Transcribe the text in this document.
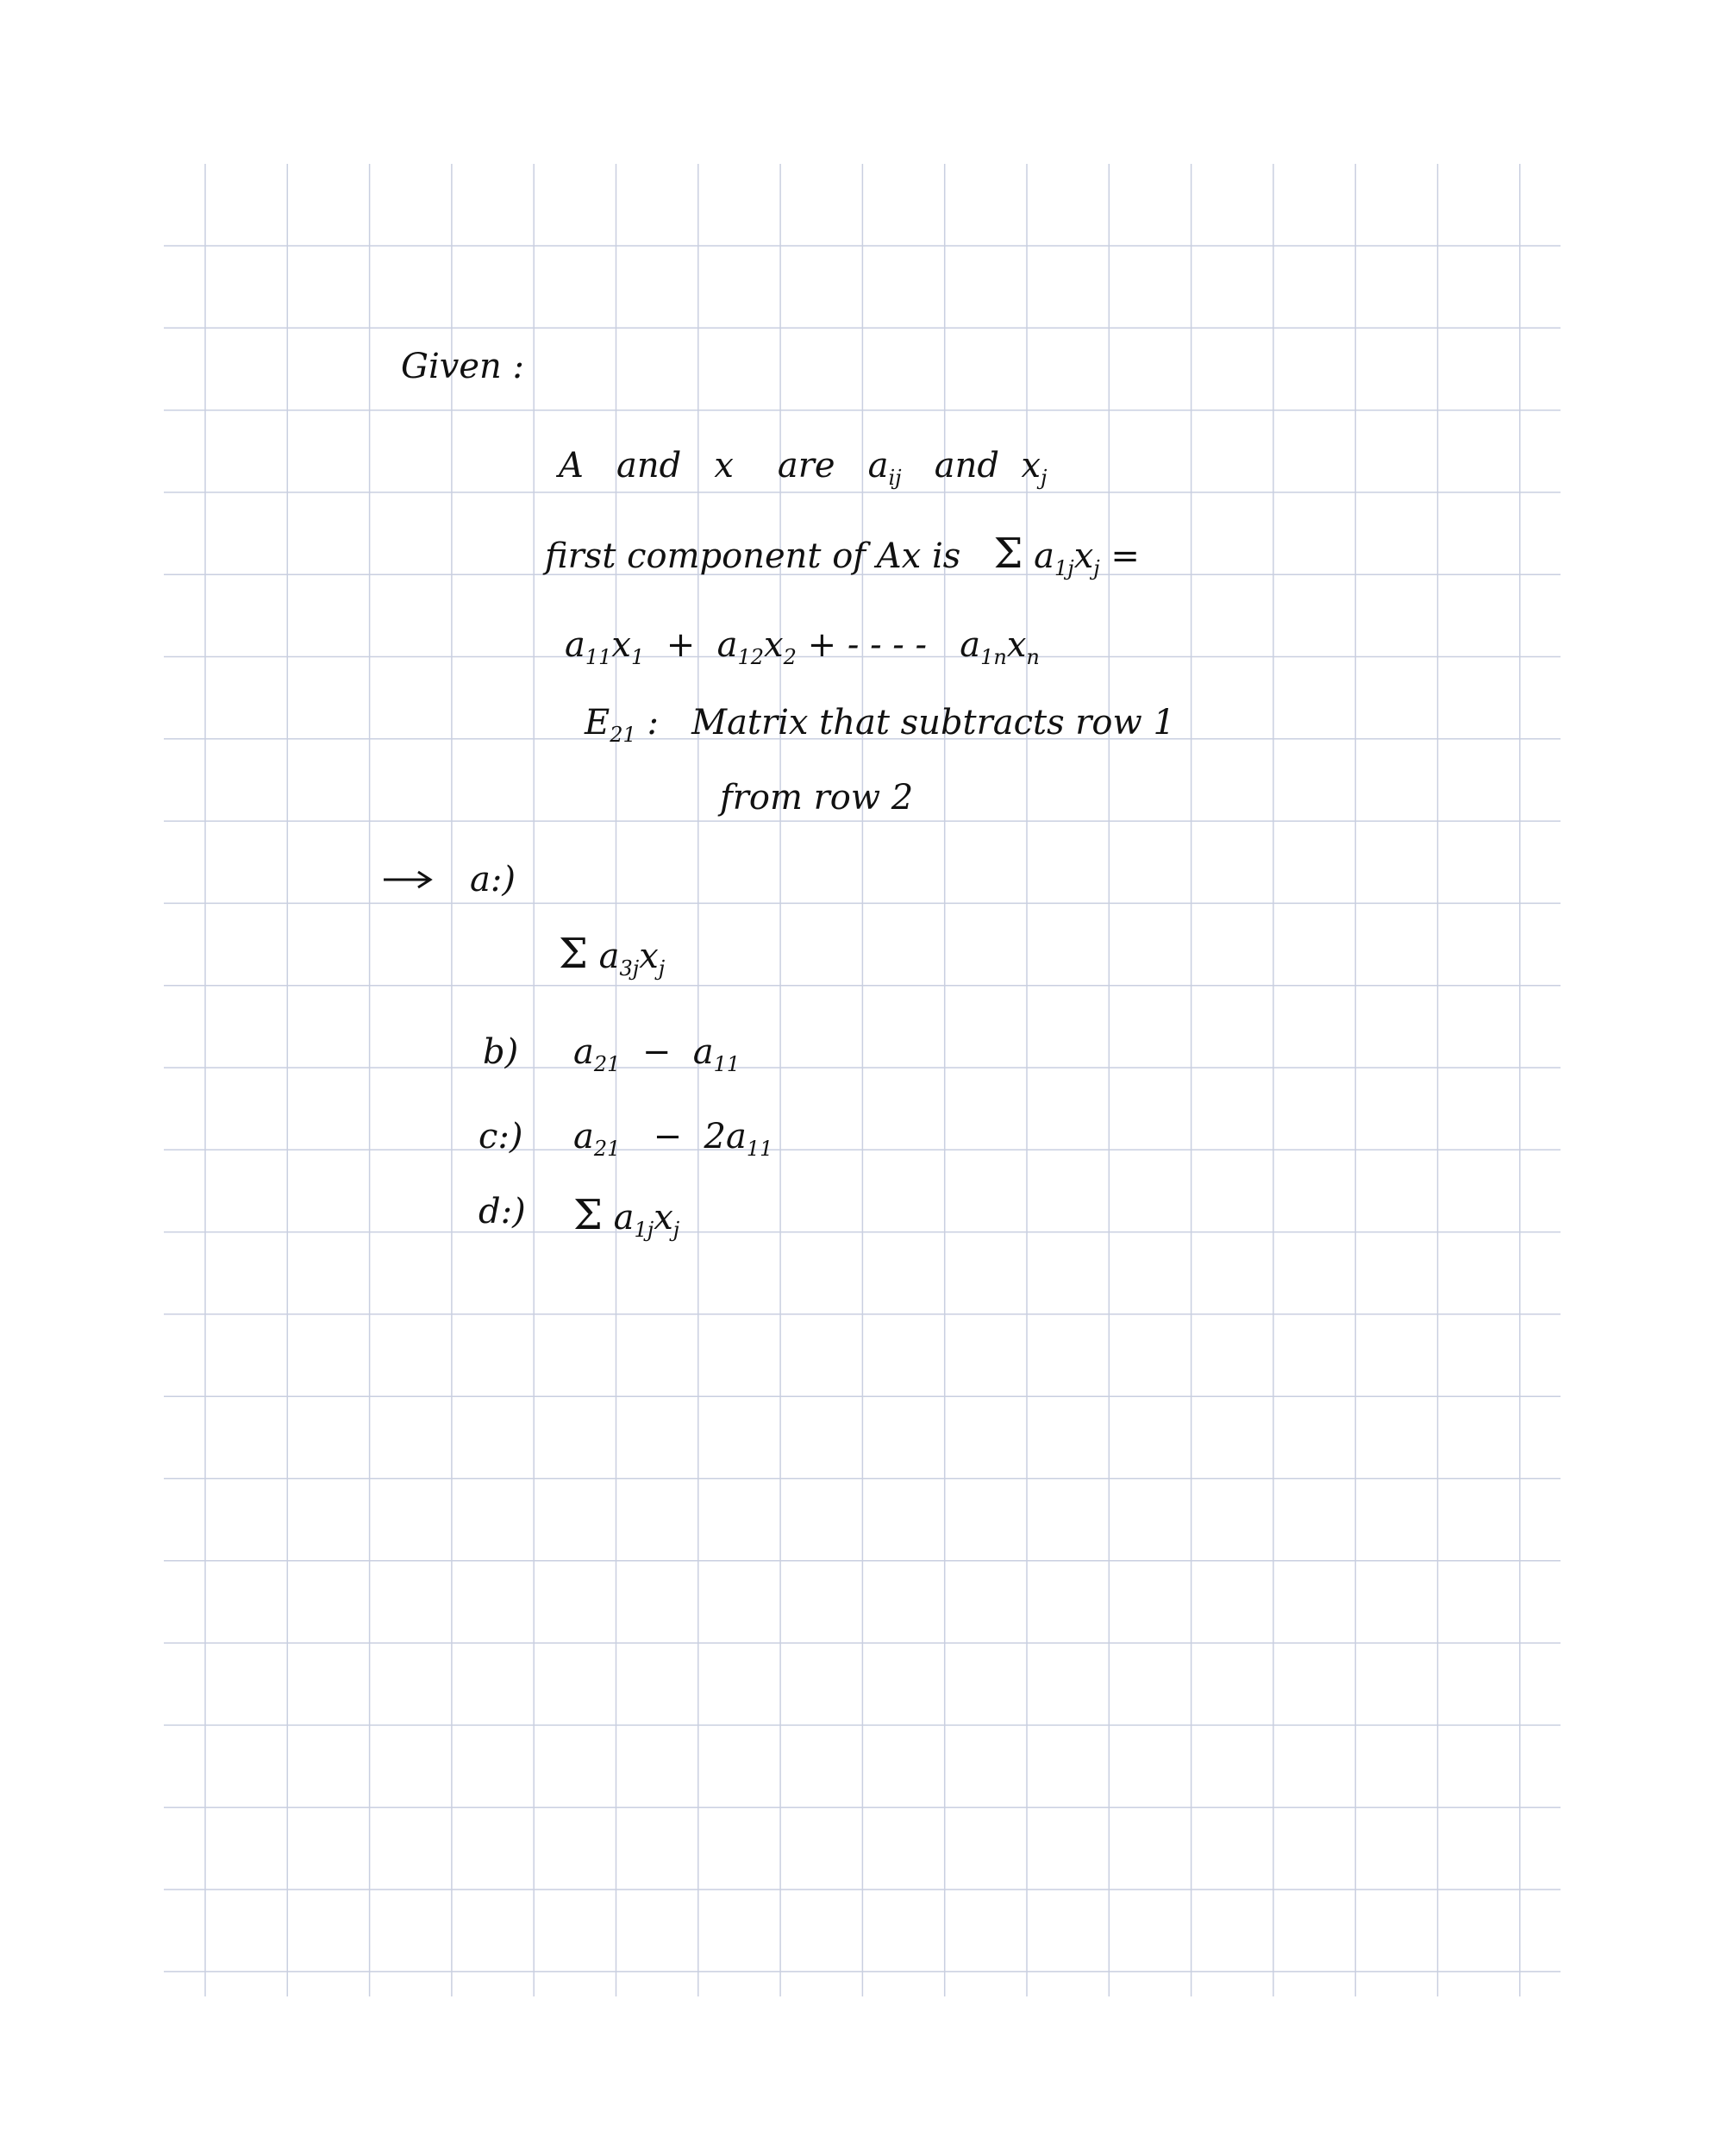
Given :
A and x are $a_{ij}$ and $x_j$
first component of Ax is Σ $a_{1j}x_j$ =
$a_{11}x_1 + a_{12}x_2$ + - - - - $a_{1n}x_n$
$E_{21}$ : Matrix that subtracts row 1
from row 2
a:)
Σ $a_{3j}x_j$
b) $a_{21} - a_{11}$
c:) $a_{21} - 2a_{11}$
d:) Σ $a_{1j}x_j$
